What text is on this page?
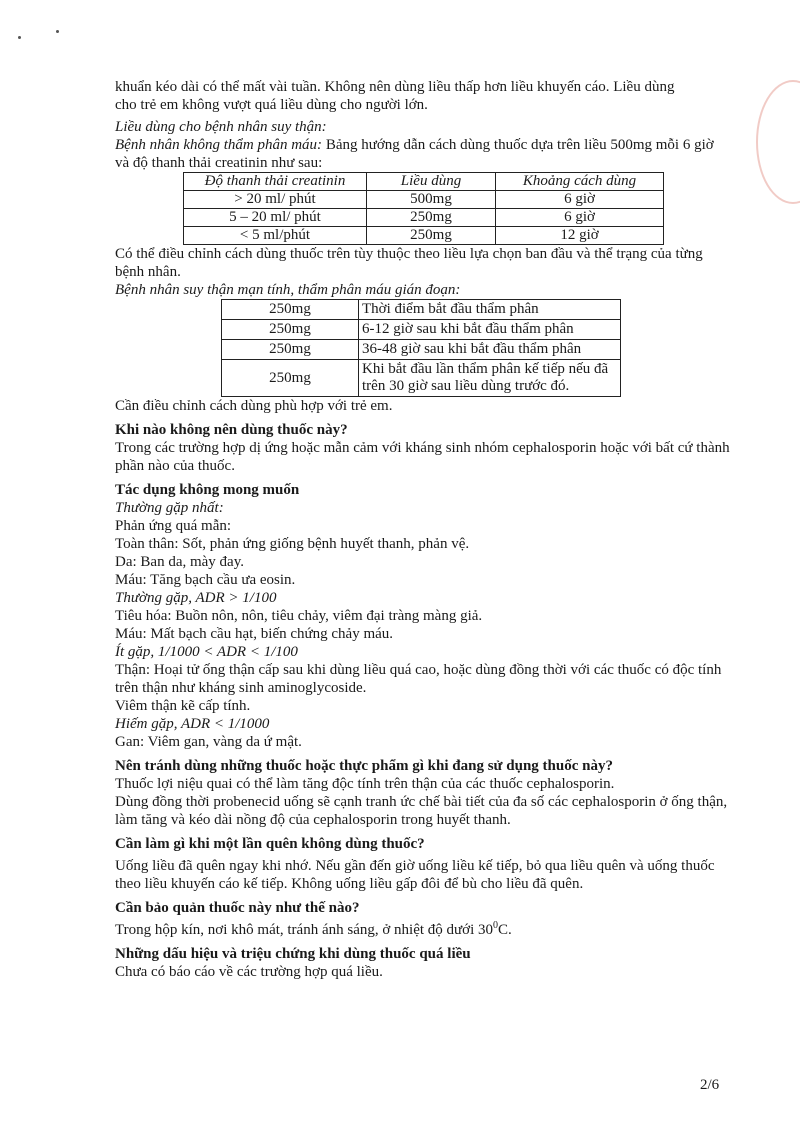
khuẩn kéo dài có thể mất vài tuần. Không nên dùng liều thấp hơn liều khuyến cáo. Liều dùng

cho trẻ em không vượt quá liều dùng cho người lớn.

Liều dùng cho bệnh nhân suy thận:

Bệnh nhân không thẩm phân máu: Bảng hướng dẫn cách dùng thuốc dựa trên liều 500mg mỗi 6 giờ và độ thanh thải creatinin như sau:

Độ thanh thải creatinin	Liều dùng	Khoảng cách dùng
> 20 ml/ phút	500mg	6 giờ
5 – 20 ml/ phút	250mg	6 giờ
< 5 ml/phút	250mg	12 giờ

Có thể điều chỉnh cách dùng thuốc trên tùy thuộc theo liều lựa chọn ban đầu và thể trạng của từng bệnh nhân.

Bệnh nhân suy thận mạn tính, thẩm phân máu gián đoạn:

250mg	Thời điểm bắt đầu thẩm phân
250mg	6-12 giờ sau khi bắt đầu thẩm phân
250mg	36-48 giờ sau khi bắt đầu thẩm phân
250mg	Khi bắt đầu lần thẩm phân kế tiếp nếu đã trên 30 giờ sau liều dùng trước đó.

Cần điều chỉnh cách dùng phù hợp với trẻ em.

Khi nào không nên dùng thuốc này?

Trong các trường hợp dị ứng hoặc mẫn cảm với kháng sinh nhóm cephalosporin hoặc với bất cứ thành phần nào của thuốc.

Tác dụng không mong muốn

Thường gặp nhất:

Phản ứng quá mẫn:

Toàn thân: Sốt, phản ứng giống bệnh huyết thanh, phản vệ.

Da: Ban da, mày đay.

Máu: Tăng bạch cầu ưa eosin.

Thường gặp, ADR > 1/100

Tiêu hóa: Buồn nôn, nôn, tiêu chảy, viêm đại tràng màng giả.

Máu: Mất bạch cầu hạt, biến chứng chảy máu.

Ít gặp, 1/1000 < ADR < 1/100

Thận: Hoại tử ống thận cấp sau khi dùng liều quá cao, hoặc dùng đồng thời với các thuốc có độc tính trên thận như kháng sinh aminoglycoside.

Viêm thận kẽ cấp tính.

Hiếm gặp, ADR < 1/1000

Gan: Viêm gan, vàng da ứ mật.

Nên tránh dùng những thuốc hoặc thực phẩm gì khi đang sử dụng thuốc này?

Thuốc lợi niệu quai có thể làm tăng độc tính trên thận của các thuốc cephalosporin.

Dùng đồng thời probenecid uống sẽ cạnh tranh ức chế bài tiết của đa số các cephalosporin ở ống thận, làm tăng và kéo dài nồng độ của cephalosporin trong huyết thanh.

Cần làm gì khi một lần quên không dùng thuốc?

Uống liều đã quên ngay khi nhớ. Nếu gần đến giờ uống liều kế tiếp, bỏ qua liều quên và uống thuốc theo liều khuyến cáo kế tiếp. Không uống liều gấp đôi để bù cho liều đã quên.

Cần bảo quản thuốc này như thế nào?

Trong hộp kín, nơi khô mát, tránh ánh sáng, ở nhiệt độ dưới $30^0C$.

Những dấu hiệu và triệu chứng khi dùng thuốc quá liều

Chưa có báo cáo về các trường hợp quá liều.

2/6
